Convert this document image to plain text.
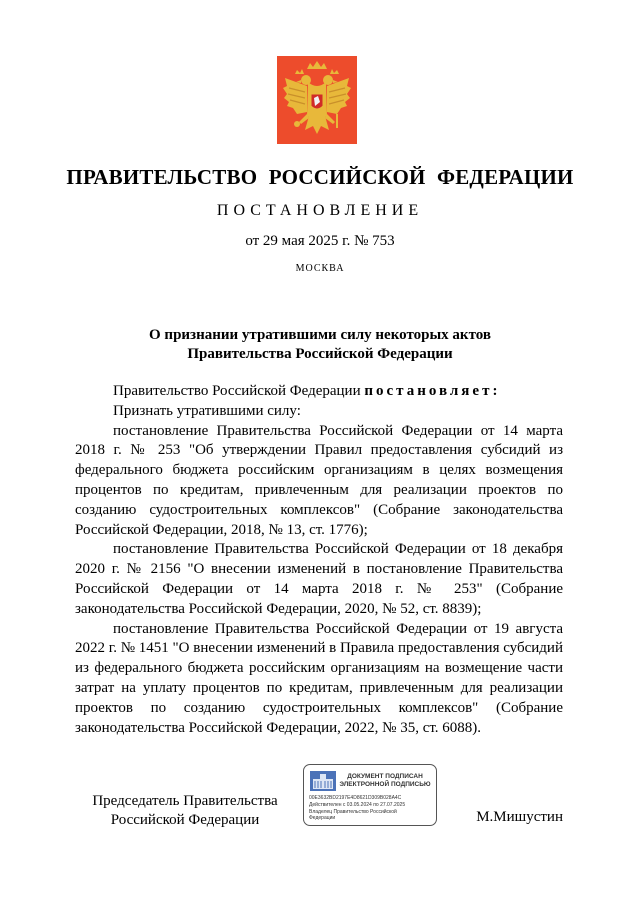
ПРАВИТЕЛЬСТВО РОССИЙСКОЙ ФЕДЕРАЦИИ
ПОСТАНОВЛЕНИЕ
от 29 мая 2025 г. № 753
МОСКВА
О признании утратившими силу некоторых актов
Правительства Российской Федерации

Правительство Российской Федерации постановляет:

Признать утратившими силу:

постановление Правительства Российской Федерации от 14 марта 2018 г. № 253 "Об утверждении Правил предоставления субсидий из федерального бюджета российским организациям в целях возмещения процентов по кредитам, привлеченным для реализации проектов по созданию судостроительных комплексов" (Собрание законодательства Российской Федерации, 2018, № 13, ст. 1776);

постановление Правительства Российской Федерации от 18 декабря 2020 г. № 2156 "О внесении изменений в постановление Правительства Российской Федерации от 14 марта 2018 г. № 253" (Собрание законодательства Российской Федерации, 2020, № 52, ст. 8839);

постановление Правительства Российской Федерации от 19 августа 2022 г. № 1451 "О внесении изменений в Правила предоставления субсидий из федерального бюджета российским организациям на возмещение части затрат на уплату процентов по кредитам, привлеченным для реализации проектов по созданию судостроительных комплексов" (Собрание законодательства Российской Федерации, 2022, № 35, ст. 6088).

Председатель Правительства
Российской Федерации
ДОКУМЕНТ ПОДПИСАН
ЭЛЕКТРОННОЙ ПОДПИСЬЮ
00E3632BD2197E4D8621D309B028A4C
Действителен с 03.05.2024 по 27.07.2025
Владелец Правительство Российской
Федерации	М.Мишустин
